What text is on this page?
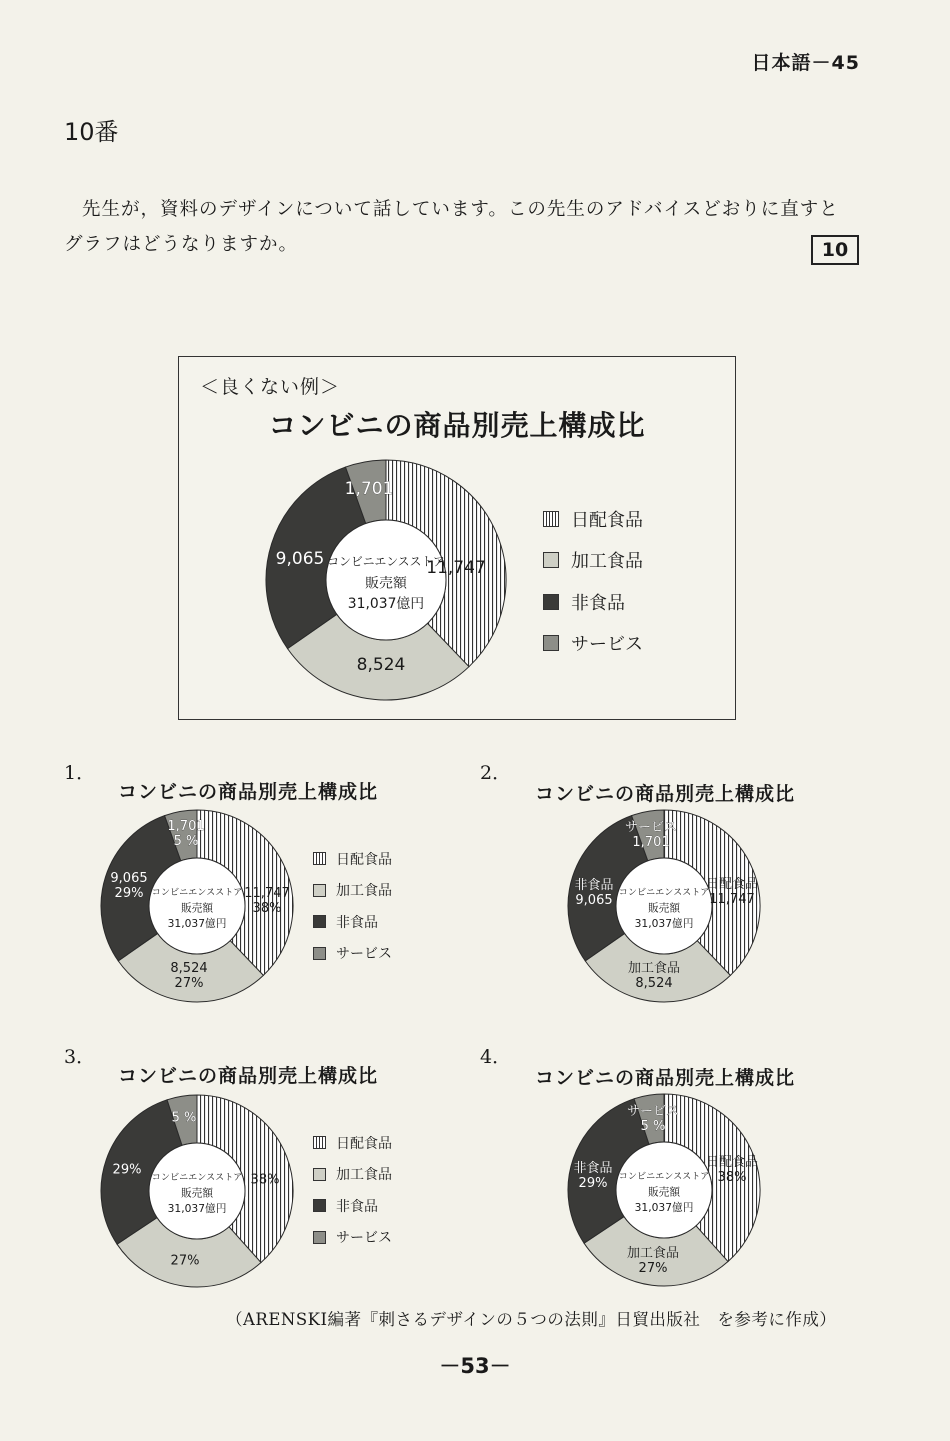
日本語－45
10番
先生が，資料のデザインについて話しています。この先生のアドバイスどおりに直すと
グラフはどうなりますか。	10
＜良くない例＞
コンビニの商品別売上構成比
コンビニエンスストア
販売額
31,037億円
11,747
8,524
9,065
1,701
日配食品
加工食品
非食品
サービス
1．
コンビニの商品別売上構成比
コンビニエンスストア
販売額
31,037億円
11,747
38%
8,524
27%
9,065
29%
1,701
5 %
日配食品
加工食品
非食品
サービス
2．
コンビニの商品別売上構成比
コンビニエンスストア
販売額
31,037億円
日配食品
11,747
加工食品
8,524
非食品
9,065
サービス
1,701
3．
コンビニの商品別売上構成比
コンビニエンスストア
販売額
31,037億円
38%
27%
29%
5 %
日配食品
加工食品
非食品
サービス
4．
コンビニの商品別売上構成比
コンビニエンスストア
販売額
31,037億円
日配食品
38%
加工食品
27%
非食品
29%
サービス
5 %
（ARENSKI編著『刺さるデザインの５つの法則』日貿出版社　を参考に作成）
－53－
